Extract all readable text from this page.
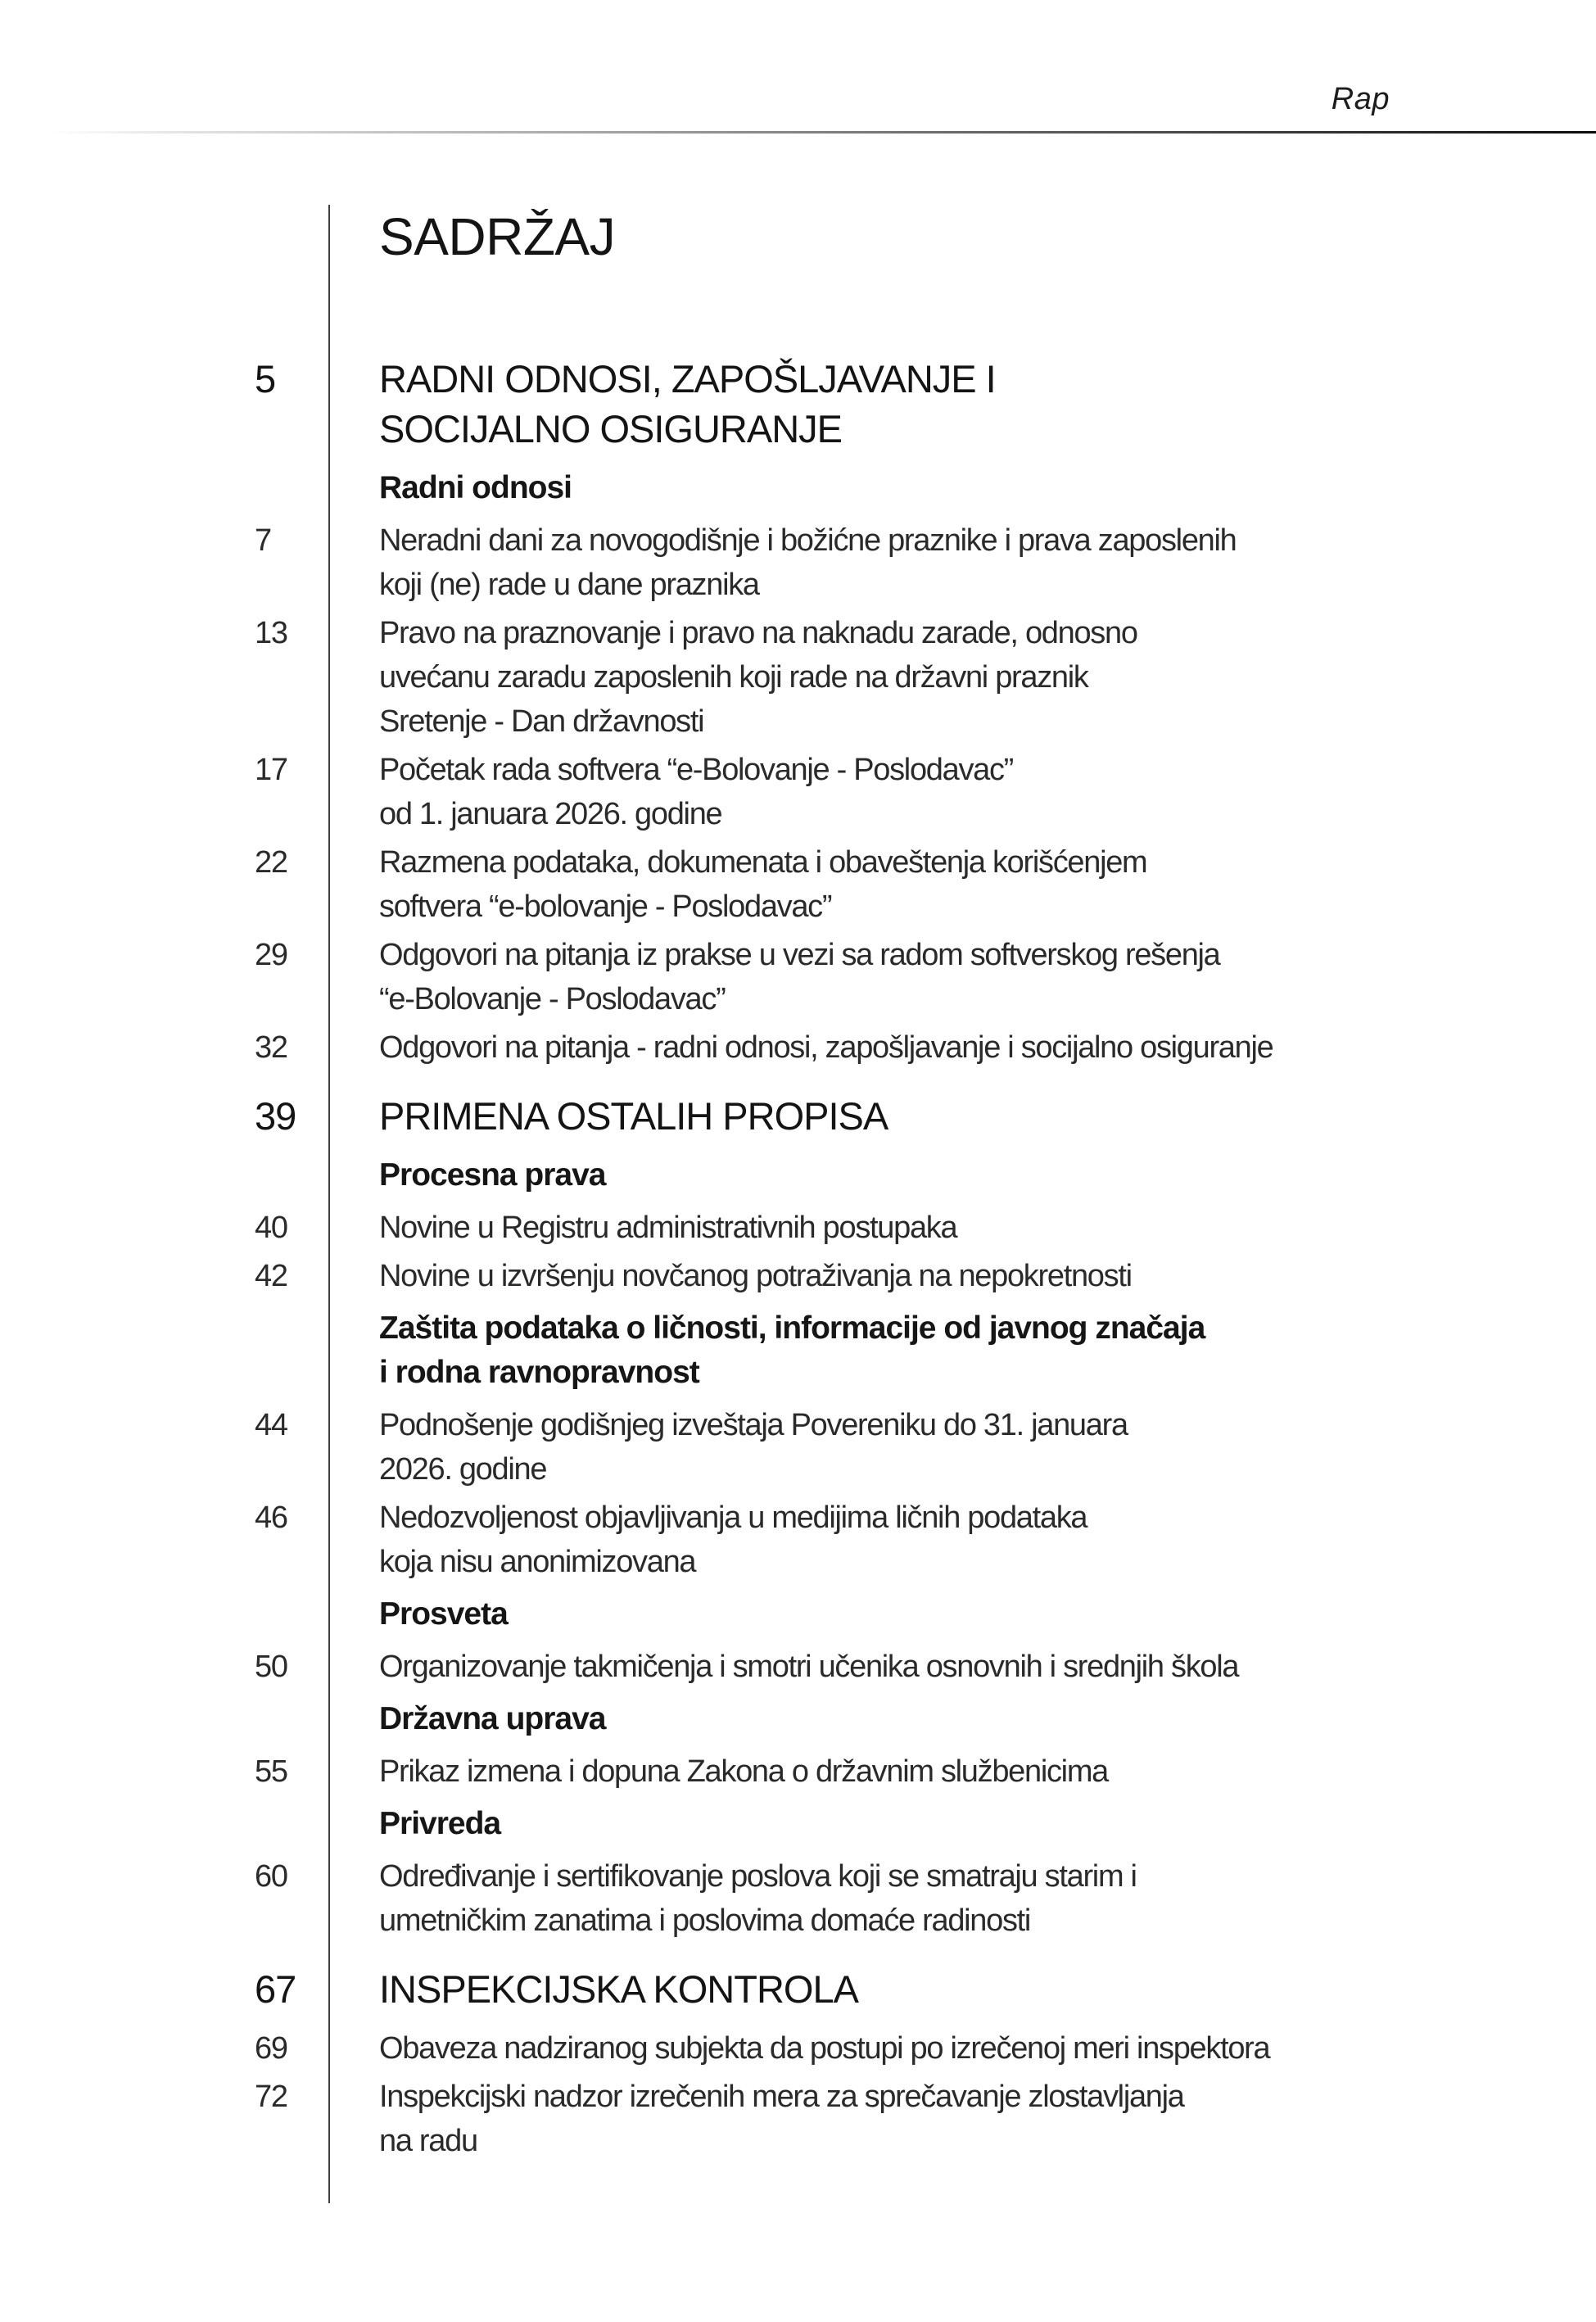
Rap
SADRŽAJ
5	RADNI ODNOSI, ZAPOŠLJAVANJE I
SOCIJALNO OSIGURANJE
Radni odnosi
7	Neradni dani za novogodišnje i božićne praznike i prava zaposlenih
koji (ne) rade u dane praznika
13	Pravo na praznovanje i pravo na naknadu zarade, odnosno
uvećanu zaradu zaposlenih koji rade na državni praznik
Sretenje - Dan državnosti
17	Početak rada softvera “e-Bolovanje - Poslodavac”
od 1. januara 2026. godine
22	Razmena podataka, dokumenata i obaveštenja korišćenjem
softvera “e-bolovanje - Poslodavac”
29	Odgovori na pitanja iz prakse u vezi sa radom softverskog rešenja
“e-Bolovanje - Poslodavac”
32	Odgovori na pitanja - radni odnosi, zapošljavanje i socijalno osiguranje
39	PRIMENA OSTALIH PROPISA
Procesna prava
40	Novine u Registru administrativnih postupaka
42	Novine u izvršenju novčanog potraživanja na nepokretnosti
Zaštita podataka o ličnosti, informacije od javnog značaja
i rodna ravnopravnost
44	Podnošenje godišnjeg izveštaja Povereniku do 31. januara
2026. godine
46	Nedozvoljenost objavljivanja u medijima ličnih podataka
koja nisu anonimizovana
Prosveta
50	Organizovanje takmičenja i smotri učenika osnovnih i srednjih škola
Državna uprava
55	Prikaz izmena i dopuna Zakona o državnim službenicima
Privreda
60	Određivanje i sertifikovanje poslova koji se smatraju starim i
umetničkim zanatima i poslovima domaće radinosti
67	INSPEKCIJSKA KONTROLA
69	Obaveza nadziranog subjekta da postupi po izrečenoj meri inspektora
72	Inspekcijski nadzor izrečenih mera za sprečavanje zlostavljanja
na radu
